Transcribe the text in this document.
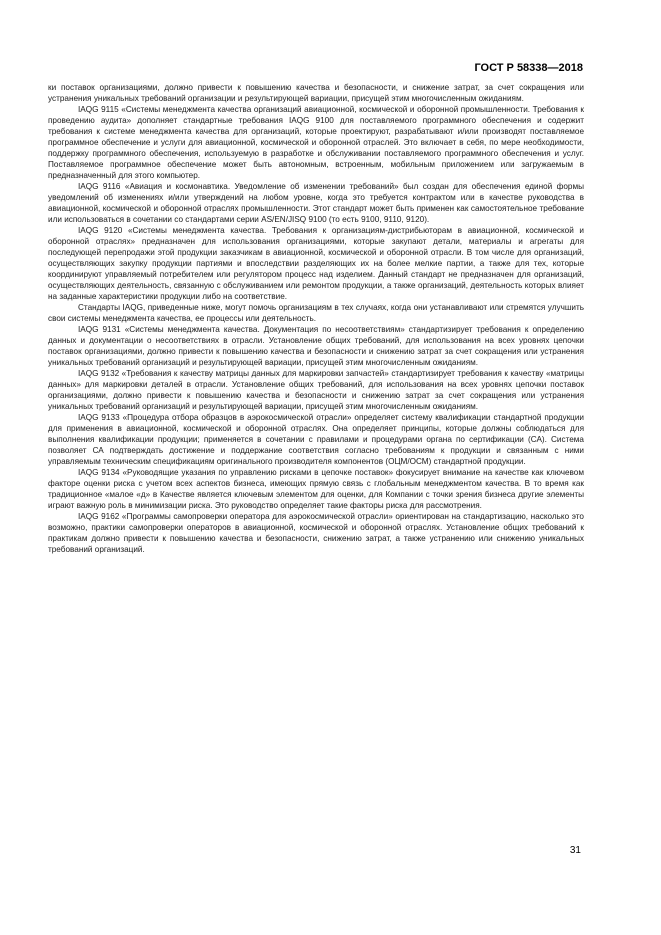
ГОСТ Р 58338—2018

ки поставок организациями, должно привести к повышению качества и безопасности, и снижение затрат, за счет сокращения или устранения уникальных требований организации и результирующей вариации, присущей этим многочисленным ожиданиям.

IAQG 9115 «Системы менеджмента качества организаций авиационной, космической и оборонной промышленности. Требования к проведению аудита» дополняет стандартные требования IAQG 9100 для поставляемого программного обеспечения и содержит требования к системе менеджмента качества для организаций, которые проектируют, разрабатывают и/или производят поставляемое программное обеспечение и услуги для авиационной, космической и оборонной отраслей. Это включает в себя, по мере необходимости, поддержку программного обеспечения, используемую в разработке и обслуживании поставляемого программного обеспечения и услуг. Поставляемое программное обеспечение может быть автономным, встроенным, мобильным приложением или загружаемым в предназначенный для этого компьютер.

IAQG 9116 «Авиация и космонавтика. Уведомление об изменении требований» был создан для обеспечения единой формы уведомлений об изменениях и/или утверждений на любом уровне, когда это требуется контрактом или в качестве руководства в авиационной, космической и оборонной отраслях промышленности. Этот стандарт может быть применен как самостоятельное требование или использоваться в сочетании со стандартами серии AS/EN/JISQ 9100 (то есть 9100, 9110, 9120).

IAQG 9120 «Системы менеджмента качества. Требования к организациям-дистрибьюторам в авиационной, космической и оборонной отраслях» предназначен для использования организациями, которые закупают детали, материалы и агрегаты для последующей перепродажи этой продукции заказчикам в авиационной, космической и оборонной отрасли. В том числе для организаций, осуществляющих закупку продукции партиями и впоследствии разделяющих их на более мелкие партии, а также для тех, которые координируют управляемый потребителем или регулятором процесс над изделием. Данный стандарт не предназначен для организаций, осуществляющих деятельность, связанную с обслуживанием или ремонтом продукции, а также организаций, деятельность которых влияет на заданные характеристики продукции либо на соответствие.

Стандарты IAQG, приведенные ниже, могут помочь организациям в тех случаях, когда они устанавливают или стремятся улучшить свои системы менеджмента качества, ее процессы или деятельность.

IAQG 9131 «Системы менеджмента качества. Документация по несоответствиям» стандартизирует требования к определению данных и документации о несоответствиях в отрасли. Установление общих требований, для использования на всех уровнях цепочки поставок организациями, должно привести к повышению качества и безопасности и снижению затрат за счет сокращения или устранения уникальных требований организаций и результирующей вариации, присущей этим многочисленным ожиданиям.

IAQG 9132 «Требования к качеству матрицы данных для маркировки запчастей» стандартизирует требования к качеству «матрицы данных» для маркировки деталей в отрасли. Установление общих требований, для использования на всех уровнях цепочки поставок организациями, должно привести к повышению качества и безопасности и снижению затрат за счет сокращения или устранения уникальных требований организаций и результирующей вариации, присущей этим многочисленным ожиданиям.

IAQG 9133 «Процедура отбора образцов в аэрокосмической отрасли» определяет систему квалификации стандартной продукции для применения в авиационной, космической и оборонной отраслях. Она определяет принципы, которые должны соблюдаться для выполнения квалификации продукции; применяется в сочетании с правилами и процедурами органа по сертификации (СА). Система позволяет СА подтверждать достижение и поддержание соответствия согласно требованиям к продукции и связанным с ними управляемым техническим спецификациям оригинального производителя компонентов (ОЦМ/ОСМ) стандартной продукции.

IAQG 9134 «Руководящие указания по управлению рисками в цепочке поставок» фокусирует внимание на качестве как ключевом факторе оценки риска с учетом всех аспектов бизнеса, имеющих прямую связь с глобальным менеджментом качества. В то время как традиционное «малое «д» в Качестве является ключевым элементом для оценки, для Компании с точки зрения бизнеса другие элементы играют важную роль в минимизации риска. Это руководство определяет такие факторы риска для рассмотрения.

IAQG 9162 «Программы самопроверки оператора для аэрокосмической отрасли» ориентирован на стандартизацию, насколько это возможно, практики самопроверки операторов в авиационной, космической и оборонной отраслях. Установление общих требований к практикам должно привести к повышению качества и безопасности, снижению затрат, а также устранению или снижению уникальных требований организаций.

31
